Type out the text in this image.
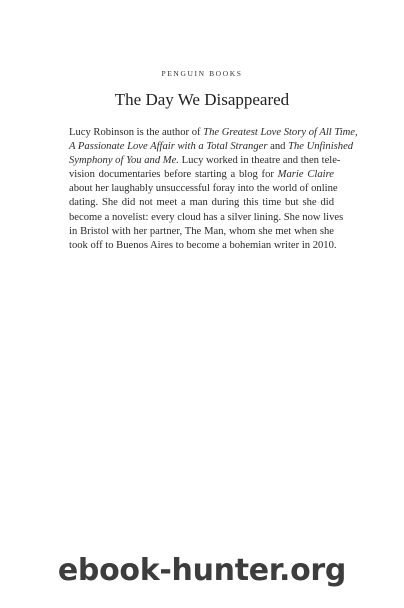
PENGUIN BOOKS
The Day We Disappeared

Lucy Robinson is the author of The Greatest Love Story of All Time,
A Passionate Love Affair with a Total Stranger and The Unfinished
Symphony of You and Me. Lucy worked in theatre and then tele-
vision documentaries before starting a blog for Marie Claire
about her laughably unsuccessful foray into the world of online
dating. She did not meet a man during this time but she did
become a novelist: every cloud has a silver lining. She now lives
in Bristol with her partner, The Man, whom she met when she
took off to Buenos Aires to become a bohemian writer in 2010.

ebook-hunter.org
